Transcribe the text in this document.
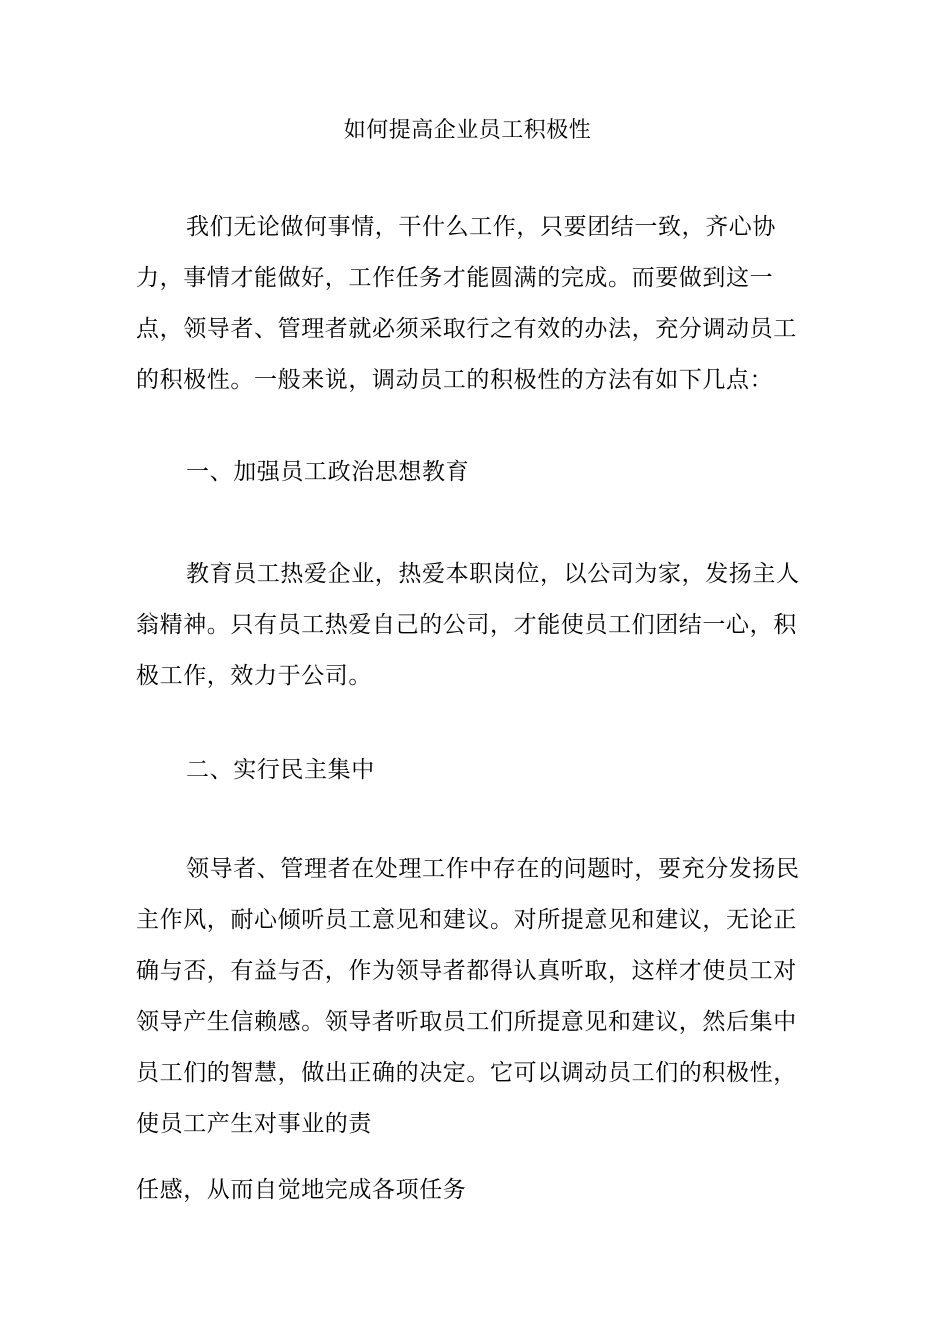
如何提高企业员工积极性

我们无论做何事情，干什么工作，只要团结一致，齐心协力，事情才能做好，工作任务才能圆满的完成。而要做到这一点，领导者、管理者就必须采取行之有效的办法，充分调动员工的积极性。一般来说，调动员工的积极性的方法有如下几点：

一、加强员工政治思想教育

教育员工热爱企业，热爱本职岗位，以公司为家，发扬主人翁精神。只有员工热爱自己的公司，才能使员工们团结一心，积极工作，效力于公司。

二、实行民主集中

领导者、管理者在处理工作中存在的问题时，要充分发扬民主作风，耐心倾听员工意见和建议。对所提意见和建议，无论正确与否，有益与否，作为领导者都得认真听取，这样才使员工对领导产生信赖感。领导者听取员工们所提意见和建议，然后集中员工们的智慧，做出正确的决定。它可以调动员工们的积极性，使员工产生对事业的责

任感，从而自觉地完成各项任务
